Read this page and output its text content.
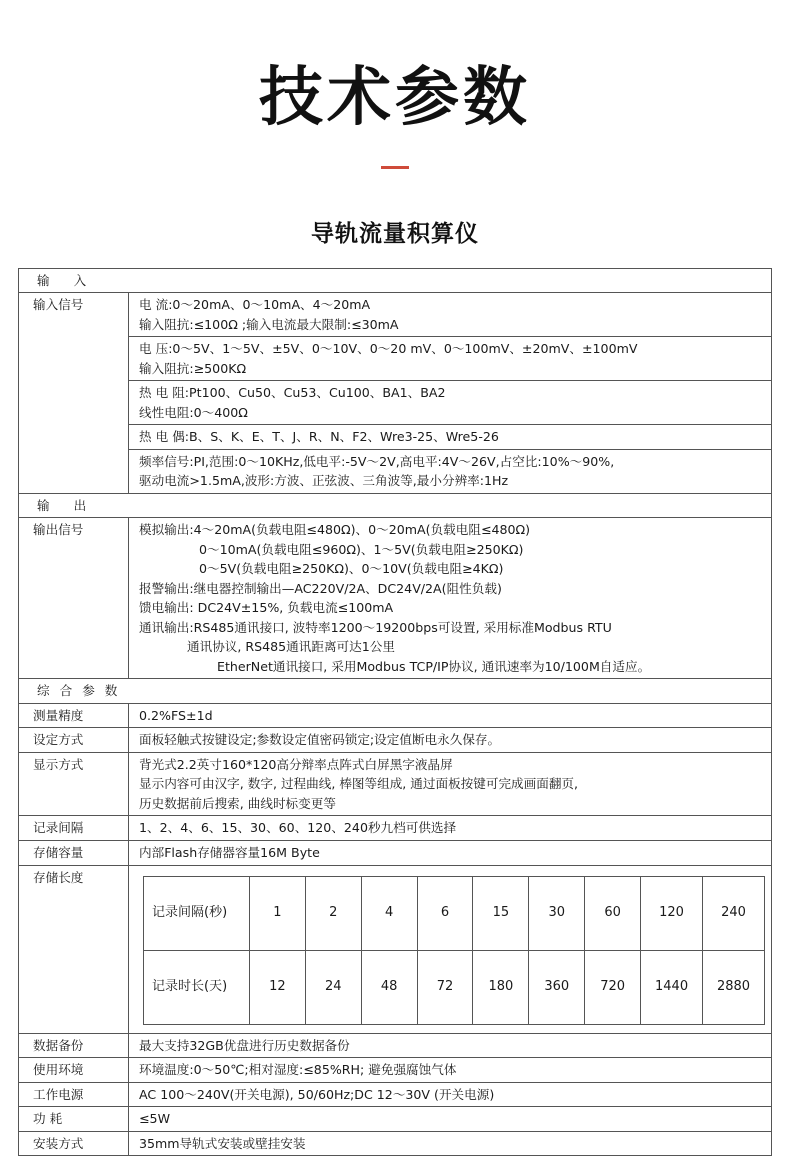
技术参数
导轨流量积算仪
输 入
输入信号	电 流:0～20mA、0～10mA、4～20mA
输入阻抗:≤100Ω ;输入电流最大限制:≤30mA

电 压:0～5V、1～5V、±5V、0～10V、0～20 mV、0～100mV、±20mV、±100mV
输入阻抗:≥500KΩ

热 电 阻:Pt100、Cu50、Cu53、Cu100、BA1、BA2
线性电阻:0～400Ω

热 电 偶:B、S、K、E、T、J、R、N、F2、Wre3-25、Wre5-26

频率信号:PI,范围:0～10KHz,低电平:-5V～2V,高电平:4V～26V,占空比:10%～90%,
驱动电流>1.5mA,波形:方波、正弦波、三角波等,最小分辨率:1Hz

输 出
输出信号	模拟输出:4～20mA(负载电阻≤480Ω)、0～20mA(负载电阻≤480Ω)
0～10mA(负载电阻≤960Ω)、1～5V(负载电阻≥250KΩ)
0～5V(负载电阻≥250KΩ)、0～10V(负载电阻≥4KΩ)
报警输出:继电器控制输出—AC220V/2A、DC24V/2A(阻性负载)
馈电输出: DC24V±15%, 负载电流≤100mA
通讯输出:RS485通讯接口, 波特率1200～19200bps可设置, 采用标准Modbus RTU
通讯协议, RS485通讯距离可达1公里
EtherNet通讯接口, 采用Modbus TCP/IP协议, 通讯速率为10/100M自适应。

综合参数
测量精度	0.2%FS±1d
设定方式	面板轻触式按键设定;参数设定值密码锁定;设定值断电永久保存。
显示方式	背光式2.2英寸160*120高分辩率点阵式白屏黑字液晶屏
显示内容可由汉字, 数字, 过程曲线, 棒图等组成, 通过面板按键可完成画面翻页,
历史数据前后搜索, 曲线时标变更等

记录间隔	1、2、4、6、15、30、60、120、240秒九档可供选择
存储容量	内部Flash存储器容量16M Byte
存储长度	
记录间隔(秒)	1	2	4	6	15	30	60	120	240
记录时长(天)	12	24	48	72	180	360	720	1440	2880

数据备份	最大支持32GB优盘进行历史数据备份
使用环境	环境温度:0～50℃;相对湿度:≤85%RH; 避免强腐蚀气体
工作电源	AC 100～240V(开关电源), 50/60Hz;DC 12～30V (开关电源)
功 耗	≤5W
安装方式	35mm导轨式安装或壁挂安装
